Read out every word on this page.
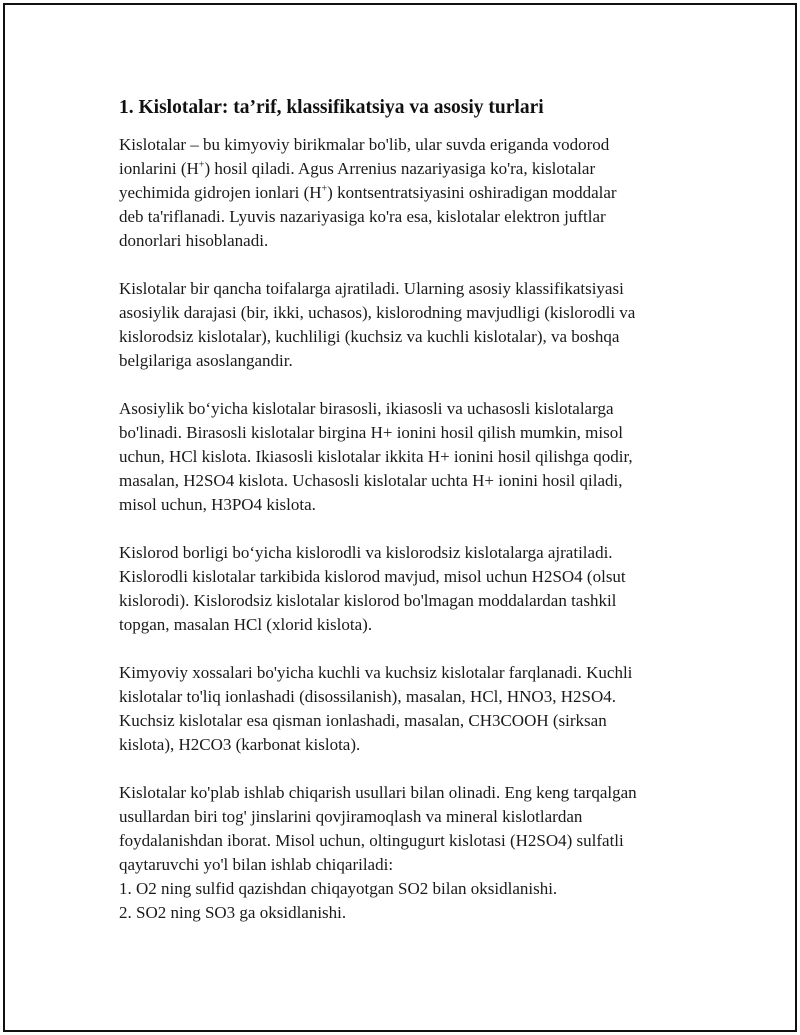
1. Kislotalar: ta’rif, klassifikatsiya va asosiy turlari

Kislotalar – bu kimyoviy birikmalar bo'lib, ular suvda eriganda vodorod
ionlarini (H+) hosil qiladi. Agus Arrenius nazariyasiga ko'ra, kislotalar
yechimida gidrojen ionlari (H+) kontsentratsiyasini oshiradigan moddalar
deb ta'riflanadi. Lyuvis nazariyasiga ko'ra esa, kislotalar elektron juftlar
donorlari hisoblanadi.

Kislotalar bir qancha toifalarga ajratiladi. Ularning asosiy klassifikatsiyasi
asosiylik darajasi (bir, ikki, uchasos), kislorodning mavjudligi (kislorodli va
kislorodsiz kislotalar), kuchliligi (kuchsiz va kuchli kislotalar), va boshqa
belgilariga asoslangandir.

Asosiylik bo‘yicha kislotalar birasosli, ikiasosli va uchasosli kislotalarga
bo'linadi. Birasosli kislotalar birgina H+ ionini hosil qilish mumkin, misol
uchun, HCl kislota. Ikiasosli kislotalar ikkita H+ ionini hosil qilishga qodir,
masalan, H2SO4 kislota. Uchasosli kislotalar uchta H+ ionini hosil qiladi,
misol uchun, H3PO4 kislota.

Kislorod borligi bo‘yicha kislorodli va kislorodsiz kislotalarga ajratiladi.
Kislorodli kislotalar tarkibida kislorod mavjud, misol uchun H2SO4 (olsut
kislorodi). Kislorodsiz kislotalar kislorod bo'lmagan moddalardan tashkil
topgan, masalan HCl (xlorid kislota).

Kimyoviy xossalari bo'yicha kuchli va kuchsiz kislotalar farqlanadi. Kuchli
kislotalar to'liq ionlashadi (disossilanish), masalan, HCl, HNO3, H2SO4.
Kuchsiz kislotalar esa qisman ionlashadi, masalan, CH3COOH (sirksan
kislota), H2CO3 (karbonat kislota).

Kislotalar ko'plab ishlab chiqarish usullari bilan olinadi. Eng keng tarqalgan
usullardan biri tog' jinslarini qovjiramoqlash va mineral kislotlardan
foydalanishdan iborat. Misol uchun, oltingugurt kislotasi (H2SO4) sulfatli
qaytaruvchi yo'l bilan ishlab chiqariladi:
1. O2 ning sulfid qazishdan chiqayotgan SO2 bilan oksidlanishi.
2. SO2 ning SO3 ga oksidlanishi.
